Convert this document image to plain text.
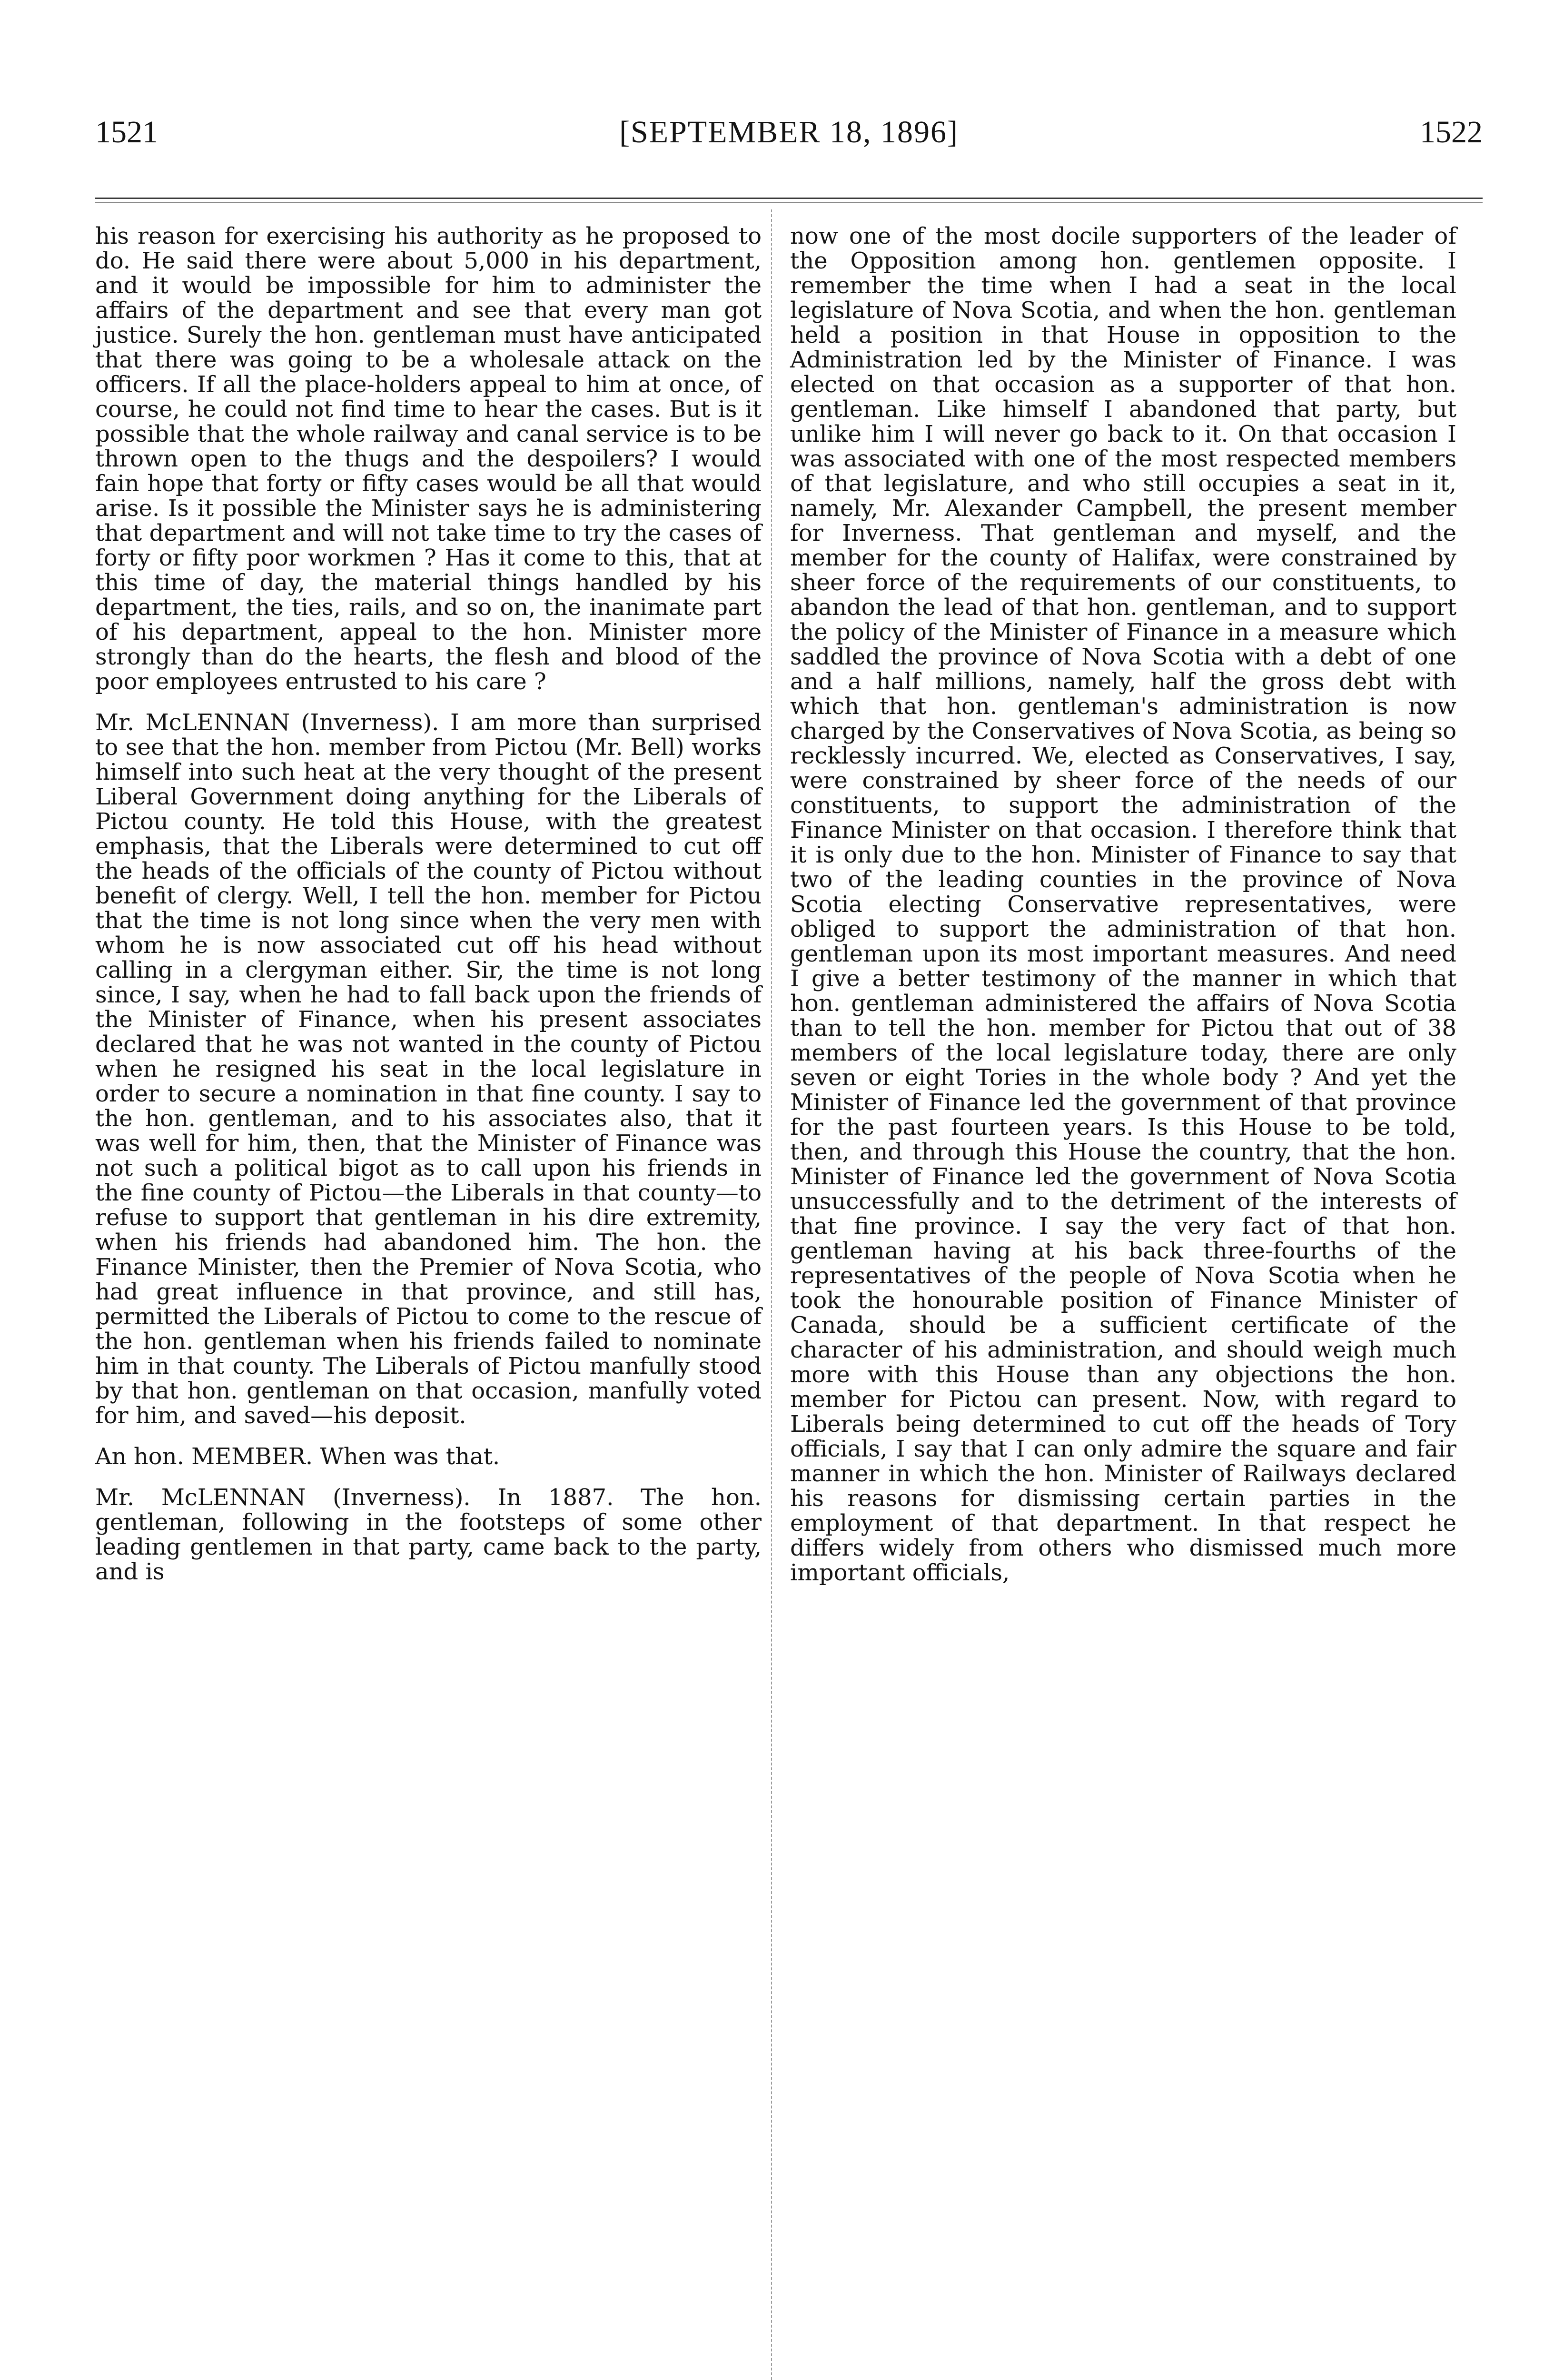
1521	[SEPTEMBER 18, 1896]	1522

his reason for exercising his authority as he proposed to do. He said there were about 5,000 in his department, and it would be impossible for him to administer the affairs of the department and see that every man got justice. Surely the hon. gentleman must have anticipated that there was going to be a wholesale attack on the officers. If all the place-holders appeal to him at once, of course, he could not find time to hear the cases. But is it possible that the whole railway and canal service is to be thrown open to the thugs and the despoilers? I would fain hope that forty or fifty cases would be all that would arise. Is it possible the Minister says he is administering that department and will not take time to try the cases of forty or fifty poor workmen ? Has it come to this, that at this time of day, the material things handled by his department, the ties, rails, and so on, the inanimate part of his department, appeal to the hon. Minister more strongly than do the hearts, the flesh and blood of the poor employees entrusted to his care ?

Mr. McLENNAN (Inverness). I am more than surprised to see that the hon. member from Pictou (Mr. Bell) works himself into such heat at the very thought of the present Liberal Government doing anything for the Liberals of Pictou county. He told this House, with the greatest emphasis, that the Liberals were determined to cut off the heads of the officials of the county of Pictou without benefit of clergy. Well, I tell the hon. member for Pictou that the time is not long since when the very men with whom he is now associated cut off his head without calling in a clergyman either. Sir, the time is not long since, I say, when he had to fall back upon the friends of the Minister of Finance, when his present associates declared that he was not wanted in the county of Pictou when he resigned his seat in the local legislature in order to secure a nomination in that fine county. I say to the hon. gentleman, and to his associates also, that it was well for him, then, that the Minister of Finance was not such a political bigot as to call upon his friends in the fine county of Pictou—the Liberals in that county—to refuse to support that gentleman in his dire extremity, when his friends had abandoned him. The hon. the Finance Minister, then the Premier of Nova Scotia, who had great influence in that province, and still has, permitted the Liberals of Pictou to come to the rescue of the hon. gentleman when his friends failed to nominate him in that county. The Liberals of Pictou manfully stood by that hon. gentleman on that occasion, manfully voted for him, and saved—his deposit.

An hon. MEMBER. When was that.

Mr. McLENNAN (Inverness). In 1887. The hon. gentleman, following in the footsteps of some other leading gentlemen in that party, came back to the party, and is

now one of the most docile supporters of the leader of the Opposition among hon. gentlemen opposite. I remember the time when I had a seat in the local legislature of Nova Scotia, and when the hon. gentleman held a position in that House in opposition to the Administration led by the Minister of Finance. I was elected on that occasion as a supporter of that hon. gentleman. Like himself I abandoned that party, but unlike him I will never go back to it. On that occasion I was associated with one of the most respected members of that legislature, and who still occupies a seat in it, namely, Mr. Alexander Campbell, the present member for Inverness. That gentleman and myself, and the member for the county of Halifax, were constrained by sheer force of the requirements of our constituents, to abandon the lead of that hon. gentleman, and to support the policy of the Minister of Finance in a measure which saddled the province of Nova Scotia with a debt of one and a half millions, namely, half the gross debt with which that hon. gentleman's administration is now charged by the Conservatives of Nova Scotia, as being so recklessly incurred. We, elected as Conservatives, I say, were constrained by sheer force of the needs of our constituents, to support the administration of the Finance Minister on that occasion. I therefore think that it is only due to the hon. Minister of Finance to say that two of the leading counties in the province of Nova Scotia electing Conservative representatives, were obliged to support the administration of that hon. gentleman upon its most important measures. And need I give a better testimony of the manner in which that hon. gentleman administered the affairs of Nova Scotia than to tell the hon. member for Pictou that out of 38 members of the local legislature today, there are only seven or eight Tories in the whole body ? And yet the Minister of Finance led the government of that province for the past fourteen years. Is this House to be told, then, and through this House the country, that the hon. Minister of Finance led the government of Nova Scotia unsuccessfully and to the detriment of the interests of that fine province. I say the very fact of that hon. gentleman having at his back three-fourths of the representatives of the people of Nova Scotia when he took the honourable position of Finance Minister of Canada, should be a sufficient certificate of the character of his administration, and should weigh much more with this House than any objections the hon. member for Pictou can present. Now, with regard to Liberals being determined to cut off the heads of Tory officials, I say that I can only admire the square and fair manner in which the hon. Minister of Railways declared his reasons for dismissing certain parties in the employment of that department. In that respect he differs widely from others who dismissed much more important officials,
